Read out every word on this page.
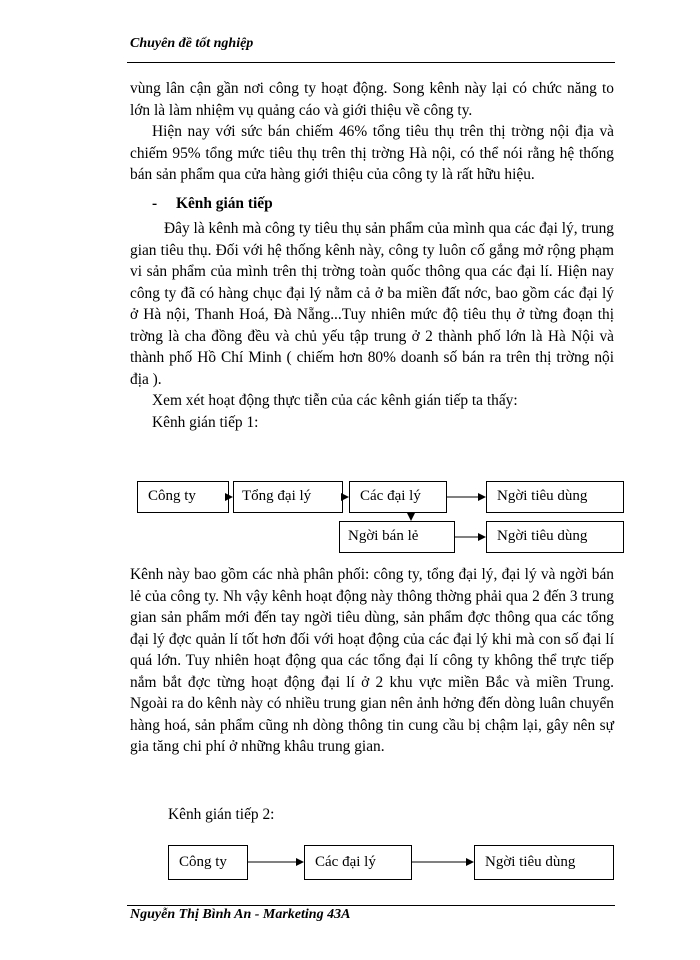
Chuyên đề tốt nghiệp

vùng lân cận gần nơi công ty hoạt động. Song kênh này lại có chức năng to lớn là làm nhiệm vụ quảng cáo và giới thiệu về công ty.

Hiện nay với sức bán chiếm 46% tổng tiêu thụ trên thị trờng nội địa và chiếm 95% tổng mức tiêu thụ trên thị trờng Hà nội, có thể nói rằng hệ thống bán sản phẩm qua cửa hàng giới thiệu của công ty là rất hữu hiệu.

- Kênh gián tiếp

Đây là kênh mà công ty tiêu thụ sản phẩm của mình qua các đại lý, trung gian tiêu thụ. Đối với hệ thống kênh này, công ty luôn cố gắng mở rộng phạm vi sản phẩm của mình trên thị trờng toàn quốc thông qua các đại lí. Hiện nay công ty đã có hàng chục đại lý nằm cả ở ba miền đất nớc, bao gồm các đại lý ở Hà nội, Thanh Hoá, Đà Nẵng...Tuy nhiên mức độ tiêu thụ ở từng đoạn thị trờng là cha đồng đều và chủ yếu tập trung ở 2 thành phố lớn là Hà Nội và thành phố Hồ Chí Minh ( chiếm hơn 80% doanh số bán ra trên thị trờng nội địa ).

Xem xét hoạt động thực tiễn của các kênh gián tiếp ta thấy:

Kênh gián tiếp 1:

Công ty	Tổng đại lý	Các đại lý	Ngời tiêu dùng
Ngời bán lẻ	Ngời tiêu dùng

Kênh này bao gồm các nhà phân phối: công ty, tổng đại lý, đại lý và ngời bán lẻ của công ty. Nh vậy kênh hoạt động này thông thờng phải qua 2 đến 3 trung gian sản phẩm mới đến tay ngời tiêu dùng, sản phẩm đợc thông qua các tổng đại lý đợc quản lí tốt hơn đối với hoạt động của các đại lý khi mà con số đại lí quá lớn. Tuy nhiên hoạt động qua các tổng đại lí công ty không thể trực tiếp nắm bắt đợc từng hoạt động đại lí ở 2 khu vực miền Bắc và miền Trung. Ngoài ra do kênh này có nhiều trung gian nên ảnh hởng đến dòng luân chuyển hàng hoá, sản phẩm cũng nh dòng thông tin cung cầu bị chậm lại, gây nên sự gia tăng chi phí ở những khâu trung gian.

Kênh gián tiếp 2:
Công ty	Các đại lý	Ngời tiêu dùng
Nguyễn Thị Bình An - Marketing 43A
